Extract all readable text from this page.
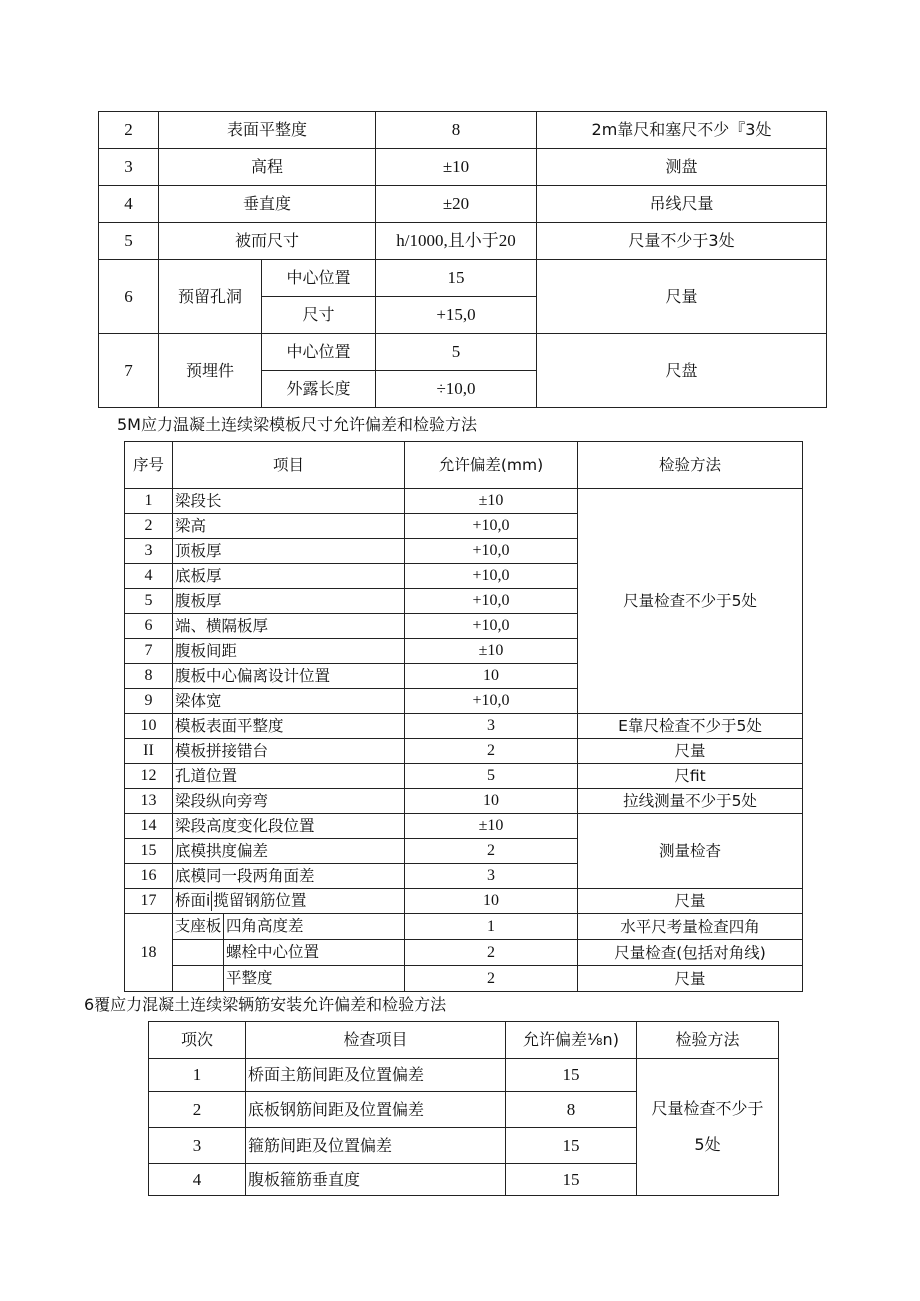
2	表面平整度		8	2m靠尺和塞尺不少『3处
3	高程		±10	测盘
4	垂直度		±20	吊线尺量
5	被而尺寸		h/1000,且小于20	尺量不少于3处
6	预留孔洞	中心位置	15	尺量
		尺寸	+15,0	
7	预埋件	中心位置	5	尺盘
		外露长度	÷10,0	
5M应力温凝土连续梁模板尺寸允许偏差和检验方法
序号	项目	允许偏差(mm)	检验方法
1	梁段长	±10	尺量检查不少于5处
2	梁高	+10,0	
3	顶板厚	+10,0	
4	底板厚	+10,0	
5	腹板厚	+10,0	
6	端、横隔板厚	+10,0	
7	腹板间距	±10	
8	腹板中心偏离设计位置	10	
9	梁体宽	+10,0	
10	模板表面平整度	3	E靠尺检查不少于5处
II	模板拼接错台	2	尺量
12	孔道位置	5	尺fit
13	梁段纵向旁弯	10	拉线测量不少于5处
14	梁段高度变化段位置	±10	测量检杳
15	底模拱度偏差	2	
16	底模同一段两角面差	3	
17	桥面i 揽留钢筋位置	10	尺量
18	支座板 四角高度差	1	水平尺考量检查四角

	螺栓中心位置	2	尺量检查(包括对角线)

	平整度	2	尺量
6覆应力混凝土连续梁辆筋安装允许偏差和检验方法
项次	检查项目	允许偏差⅛n)	检验方法
1	桥面主筋间距及位置偏差	15	尺量检查不少于
5处

2	底板钢筋间距及位置偏差	8	
3	箍筋间距及位置偏差	15	
4	腹板箍筋垂直度	15	
